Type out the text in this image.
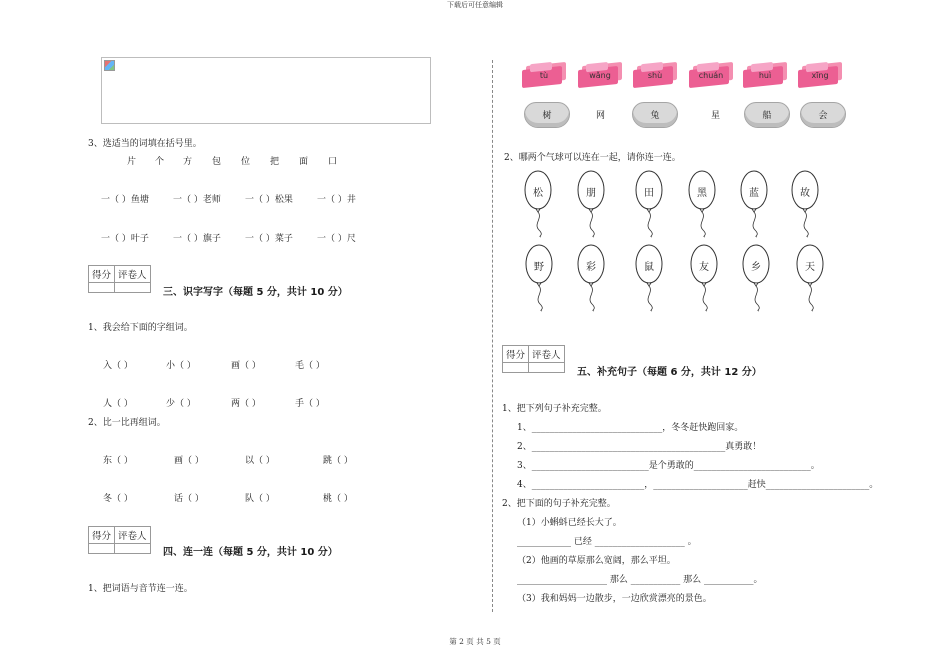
下载后可任意编辑
3、选适当的词填在括号里。
片 个 方 包 位 把 面 口
一（ ）鱼塘	一（ ）老师	一（ ）松果	一（ ）井
一（ ）叶子	一（ ）旗子	一（ ）菜子	一（ ）尺
得分	评卷人

三、识字写字（每题 5 分，共计 10 分）
1、我会给下面的字组词。
入（ ）	小（ ）	画（ ）	毛（ ）
人（ ）	少（ ）	两（ ）	手（ ）
2、比一比再组词。
东（ ）	画（ ）	以（ ）	跳（ ）
冬（ ）	话（ ）	队（ ）	桃（ ）
得分	评卷人

四、连一连（每题 5 分，共计 10 分）
1、把词语与音节连一连。
tù	wǎng	shù	chuán	huì	xīng
树	网	兔	星	船	会
2、哪两个气球可以连在一起，请你连一连。
松	朋	田	黑	蓝	故
野	彩	鼠	友	乡	天
得分	评卷人

五、补充句子（每题 6 分，共计 12 分）
1、把下列句子补充完整。
1、_____________________________，冬冬赶快跑回家。
2、___________________________________________真勇敢！
3、__________________________是个勇敢的__________________________。
4、_________________________，_____________________赶快_______________________。
2、把下面的句子补充完整。
（1）小蝌蚪已经长大了。
____________ 已经 ____________________ 。
（2）他画的草原那么宽阔，那么平坦。
____________________ 那么 ___________ 那么 ___________。
（3）我和妈妈一边散步，一边欣赏漂亮的景色。
第 2 页 共 5 页
